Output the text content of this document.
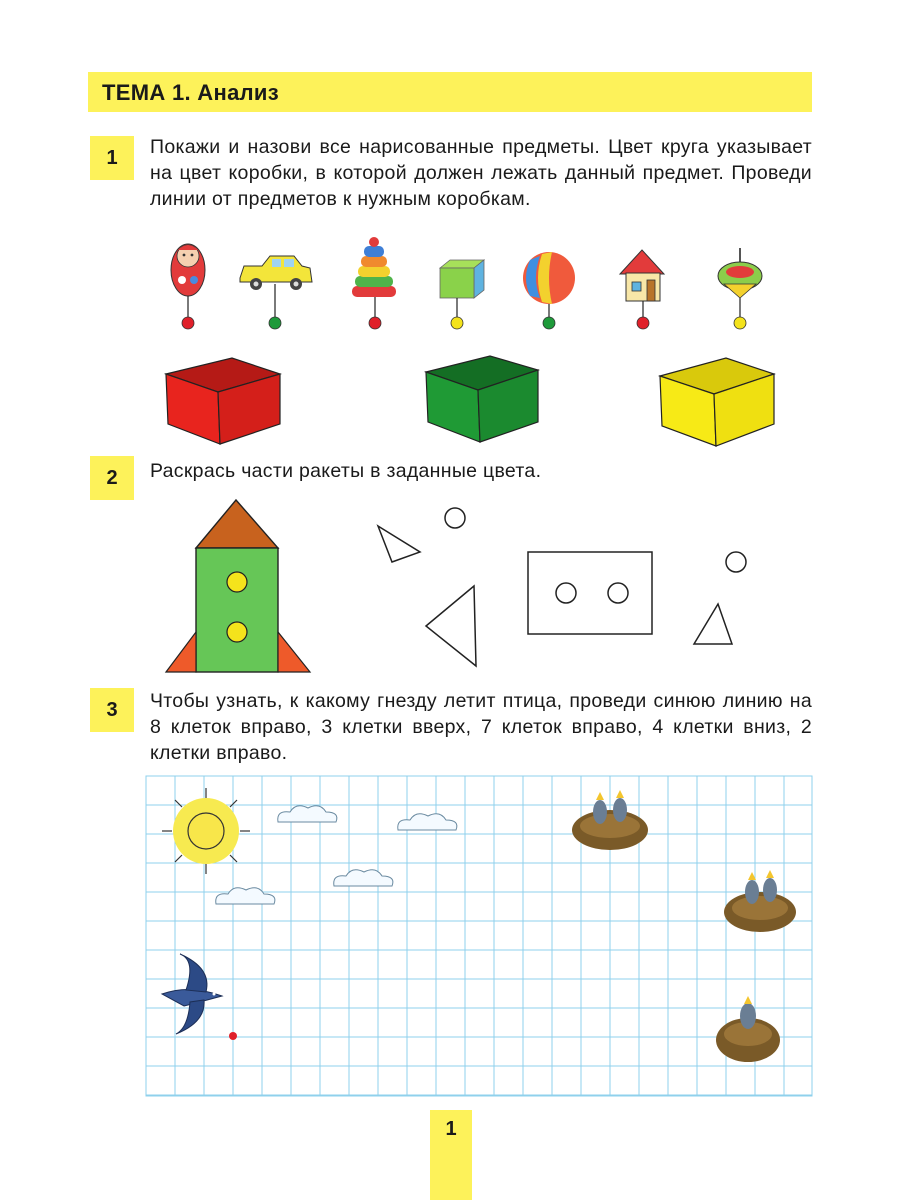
ТЕМА 1. Анализ
1	Покажи и назови все нарисованные предметы. Цвет круга указывает на цвет коробки, в которой должен лежать данный предмет. Проведи линии от предметов к нужным коробкам.
2	Раскрась части ракеты в заданные цвета.
3	Чтобы узнать, к какому гнезду летит птица, проведи синюю линию на 8 клеток вправо, 3 клетки вверх, 7 клеток вправо, 4 клетки вниз, 2 клетки вправо.
1
